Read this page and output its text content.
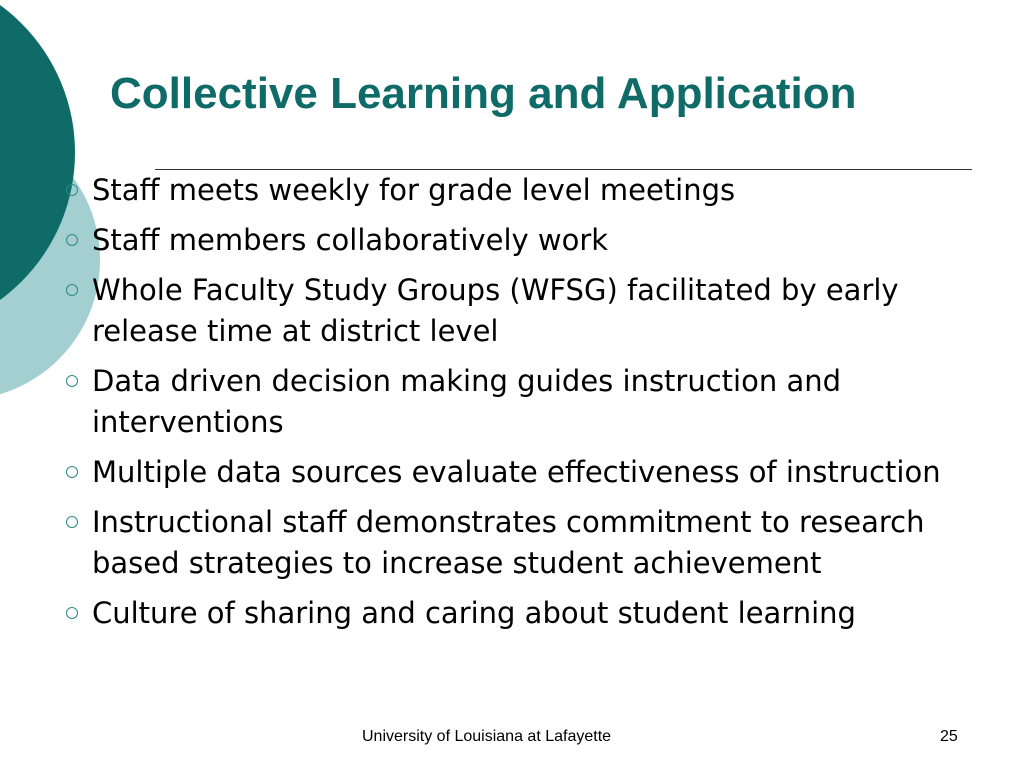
Collective Learning and Application
Staff meets weekly for grade level meetings
Staff members collaboratively work
Whole Faculty Study Groups (WFSG) facilitated by early release time at district level
Data driven decision making guides instruction and interventions
Multiple data sources evaluate effectiveness of instruction
Instructional staff demonstrates commitment to research based strategies to increase student achievement
Culture of sharing and caring about student learning
University of Louisiana at Lafayette	25
